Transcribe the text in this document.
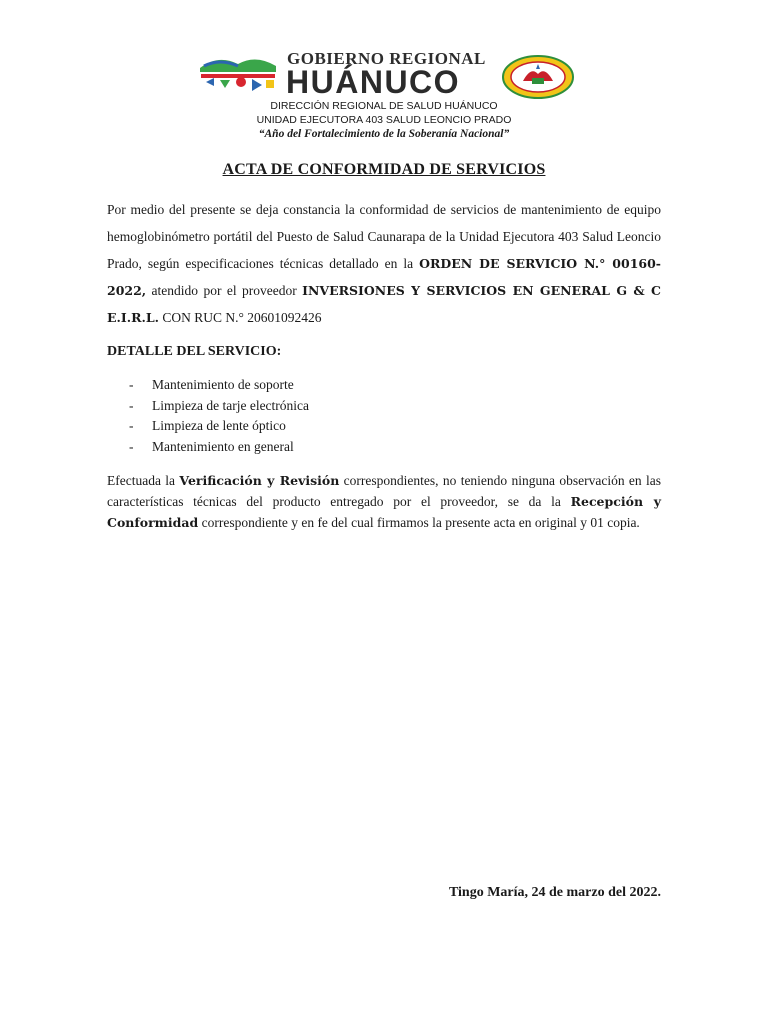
GOBIERNO REGIONAL
HUÁNUCO
DIRECCIÓN REGIONAL DE SALUD HUÁNUCO
UNIDAD EJECUTORA 403 SALUD LEONCIO PRADO
“Año del Fortalecimiento de la Soberanía Nacional”
ACTA DE CONFORMIDAD DE SERVICIOS
Por medio del presente se deja constancia la conformidad de servicios de mantenimiento de equipo hemoglobinómetro portátil del Puesto de Salud Caunarapa de la Unidad Ejecutora 403 Salud Leoncio Prado, según especificaciones técnicas detallado en la ORDEN DE SERVICIO N.° 00160-2022, atendido por el proveedor INVERSIONES Y SERVICIOS EN GENERAL G & C E.I.R.L. CON RUC N.° 20601092426
DETALLE DEL SERVICIO:
- Mantenimiento de soporte
- Limpieza de tarje electrónica
- Limpieza de lente óptico
- Mantenimiento en general
Efectuada la Verificación y Revisión correspondientes, no teniendo ninguna observación en las características técnicas del producto entregado por el proveedor, se da la Recepción y Conformidad correspondiente y en fe del cual firmamos la presente acta en original y 01 copia.
Tingo María, 24 de marzo del 2022.
